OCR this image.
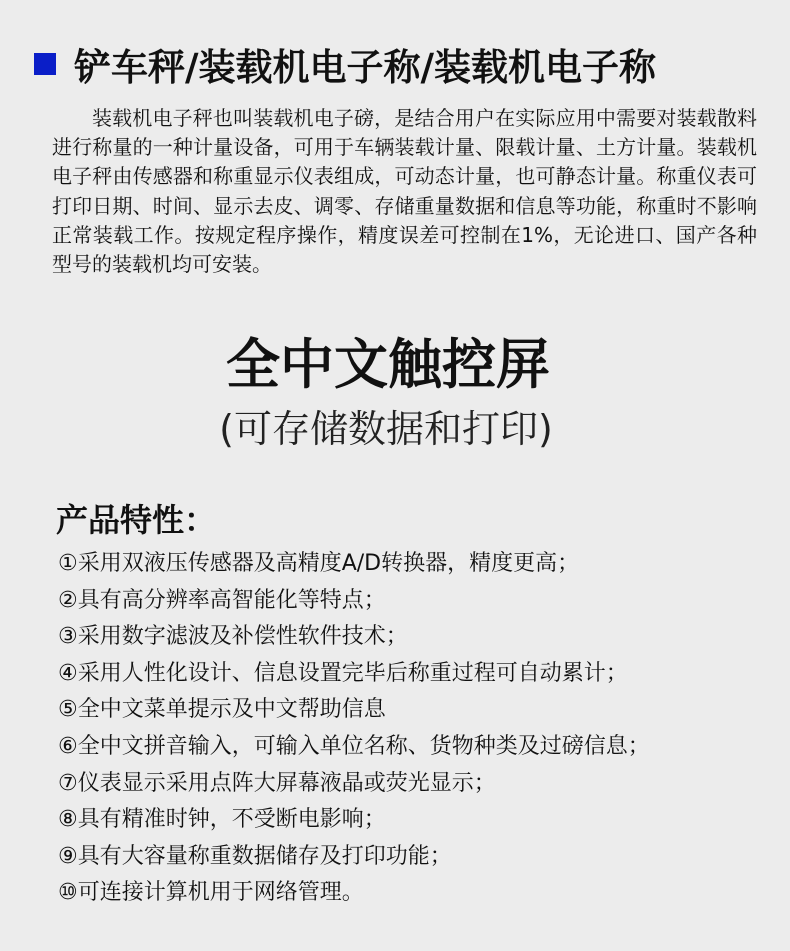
铲车秤/装载机电子称/装载机电子称
装载机电子秤也叫装载机电子磅，是结合用户在实际应用中需要对装载散料进行称量的一种计量设备，可用于车辆装载计量、限载计量、土方计量。装载机电子秤由传感器和称重显示仪表组成，可动态计量，也可静态计量。称重仪表可打印日期、时间、显示去皮、调零、存储重量数据和信息等功能，称重时不影响正常装载工作。按规定程序操作，精度误差可控制在1%，无论进口、国产各种型号的装载机均可安装。
全中文触控屏
(可存储数据和打印)
产品特性：
①采用双液压传感器及高精度A/D转换器，精度更高；
②具有高分辨率高智能化等特点；
③采用数字滤波及补偿性软件技术；
④采用人性化设计、信息设置完毕后称重过程可自动累计；
⑤全中文菜单提示及中文帮助信息
⑥全中文拼音输入，可输入单位名称、货物种类及过磅信息；
⑦仪表显示采用点阵大屏幕液晶或荧光显示；
⑧具有精准时钟，不受断电影响；
⑨具有大容量称重数据储存及打印功能；
⑩可连接计算机用于网络管理。
